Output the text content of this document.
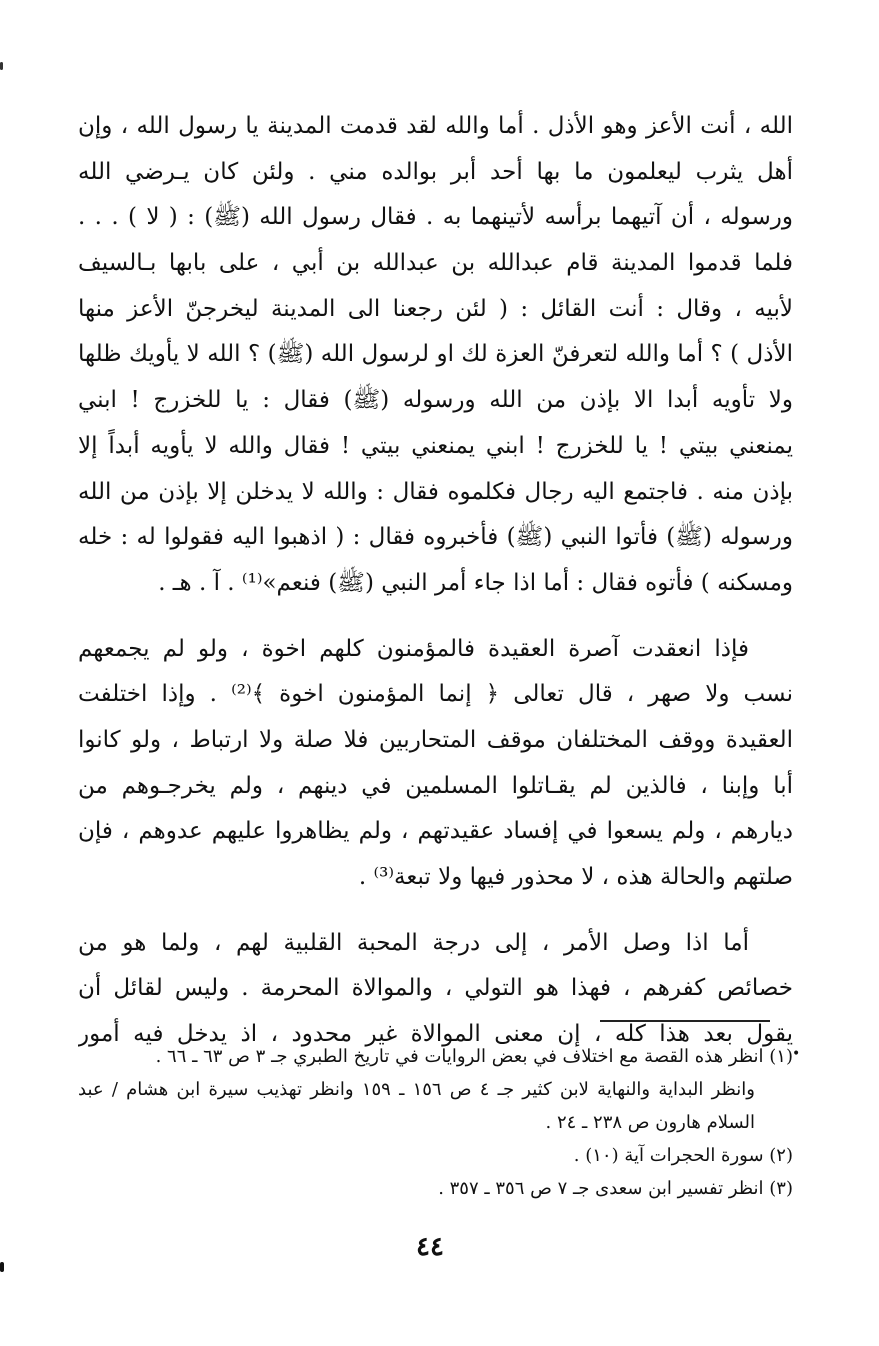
الله ، أنت الأعز وهو الأذل . أما والله لقد قدمت المدينة يا رسول الله ، وإن
أهل يثرب ليعلمون ما بها أحد أبر بوالده مني . ولئن كان يـرضي الله
ورسوله ، أن آتيهما برأسه لأتينهما به . فقال رسول الله (ﷺ) : ( لا ) . . .
فلما قدموا المدينة قام عبدالله بن عبدالله بن أبي ، على بابها بـالسيف
لأبيه ، وقال : أنت القائل : ( لئن رجعنا الى المدينة ليخرجنّ الأعز منها
الأذل ) ؟ أما والله لتعرفنّ العزة لك او لرسول الله (ﷺ) ؟ الله لا يأويك ظلها
ولا تأويه أبدا الا بإذن من الله ورسوله (ﷺ) فقال : يا للخزرج ! ابني
يمنعني بيتي ! يا للخزرج ! ابني يمنعني بيتي ! فقال والله لا يأويه أبداً إلا
بإذن منه . فاجتمع اليه رجال فكلموه فقال : والله لا يدخلن إلا بإذن من الله
ورسوله (ﷺ) فأتوا النبي (ﷺ) فأخبروه فقال : ( اذهبوا اليه فقولوا له : خله
ومسكنه ) فأتوه فقال : أما اذا جاء أمر النبي (ﷺ) فنعم»⁽¹⁾ . آ . هـ .
فإذا انعقدت آصرة العقيدة فالمؤمنون كلهم اخوة ، ولو لم يجمعهم
نسب ولا صهر ، قال تعالى ﴿ إنما المؤمنون اخوة ﴾⁽²⁾ . وإذا اختلفت
العقيدة ووقف المختلفان موقف المتحاربين فلا صلة ولا ارتباط ، ولو كانوا
أبا وإبنا ، فالذين لم يقـاتلوا المسلمين في دينهم ، ولم يخرجـوهم من
ديارهم ، ولم يسعوا في إفساد عقيدتهم ، ولم يظاهروا عليهم عدوهم ، فإن
صلتهم والحالة هذه ، لا محذور فيها ولا تبعة⁽³⁾ .
أما اذا وصل الأمر ، إلى درجة المحبة القلبية لهم ، ولما هو من
خصائص كفرهم ، فهذا هو التولي ، والموالاة المحرمة . وليس لقائل أن
يقول بعد هذا كله ، إن معنى الموالاة غير محدود ، اذ يدخل فيه أمور
•
(١) انظر هذه القصة مع اختلاف في بعض الروايات في تاريخ الطبري جـ ٣ ص ٦٣ ـ ٦٦ .
وانظر البداية والنهاية لابن كثير جـ ٤ ص ١٥٦ ـ ١٥٩ وانظر تهذيب سيرة ابن هشام / عبد
السلام هارون ص ٢٣٨ ـ ٢٤ .
(٢) سورة الحجرات آية (١٠) .
(٣) انظر تفسير ابن سعدى جـ ٧ ص ٣٥٦ ـ ٣٥٧ .
٤٤
